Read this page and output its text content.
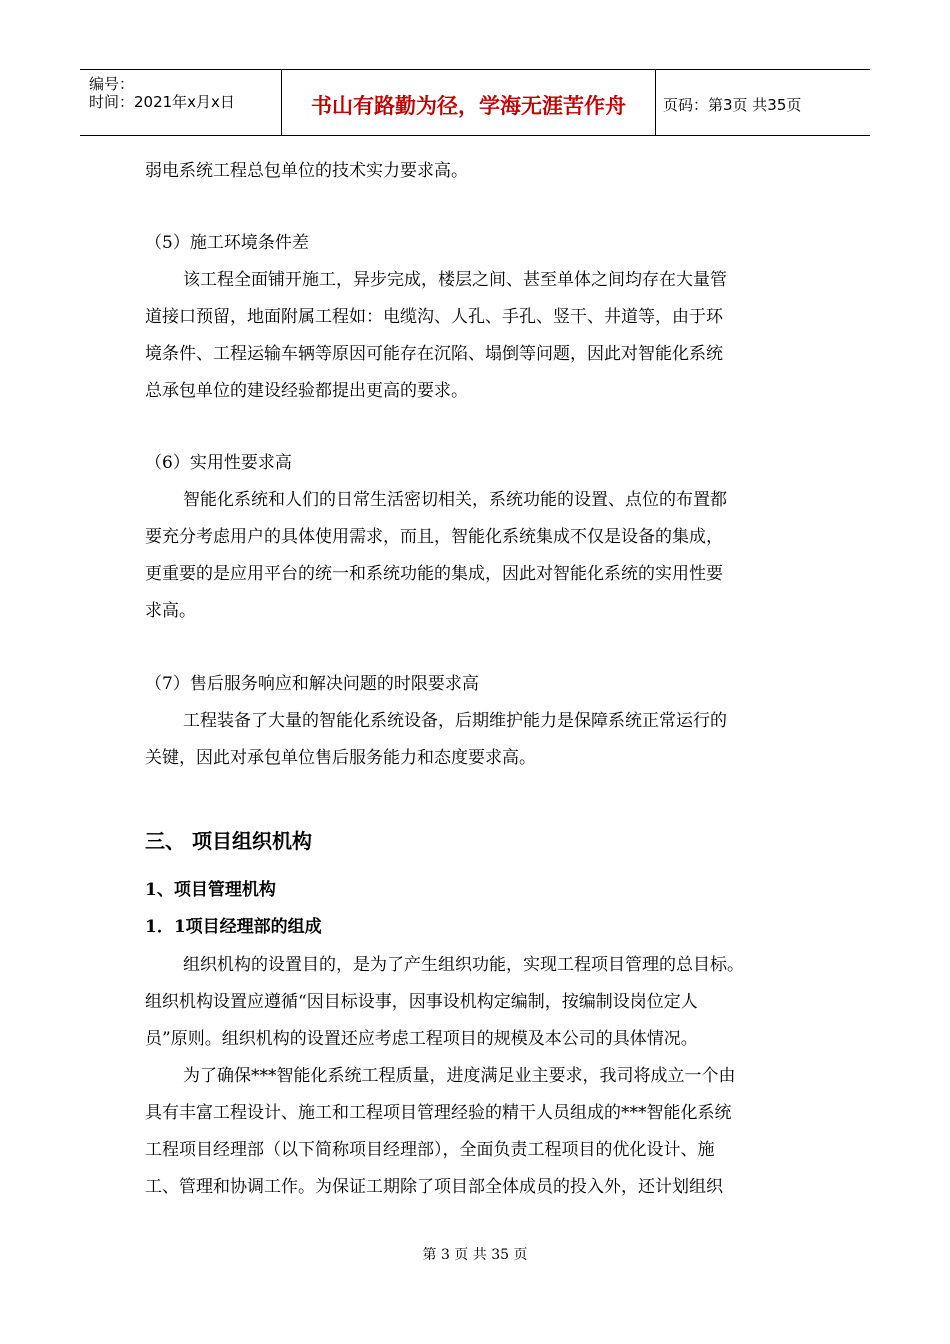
编号：
时间：2021年x月x日	书山有路勤为径，学海无涯苦作舟 页码：第3页 共35页
弱电系统工程总包单位的技术实力要求高。
（5）施工环境条件差
该工程全面铺开施工，异步完成，楼层之间、甚至单体之间均存在大量管
道接口预留，地面附属工程如：电缆沟、人孔、手孔、竖干、井道等，由于环
境条件、工程运输车辆等原因可能存在沉陷、塌倒等问题，因此对智能化系统
总承包单位的建设经验都提出更高的要求。
（6）实用性要求高
智能化系统和人们的日常生活密切相关，系统功能的设置、点位的布置都
要充分考虑用户的具体使用需求，而且，智能化系统集成不仅是设备的集成，
更重要的是应用平台的统一和系统功能的集成，因此对智能化系统的实用性要
求高。
（7）售后服务响应和解决问题的时限要求高
工程装备了大量的智能化系统设备，后期维护能力是保障系统正常运行的
关键，因此对承包单位售后服务能力和态度要求高。
三、 项目组织机构
1、项目管理机构
1．1项目经理部的组成
组织机构的设置目的，是为了产生组织功能，实现工程项目管理的总目标。
组织机构设置应遵循“因目标设事，因事设机构定编制，按编制设岗位定人
员”原则。组织机构的设置还应考虑工程项目的规模及本公司的具体情况。
为了确保***智能化系统工程质量，进度满足业主要求，我司将成立一个由
具有丰富工程设计、施工和工程项目管理经验的精干人员组成的***智能化系统
工程项目经理部（以下简称项目经理部），全面负责工程项目的优化设计、施
工、管理和协调工作。为保证工期除了项目部全体成员的投入外，还计划组织
第 3 页 共 35 页
